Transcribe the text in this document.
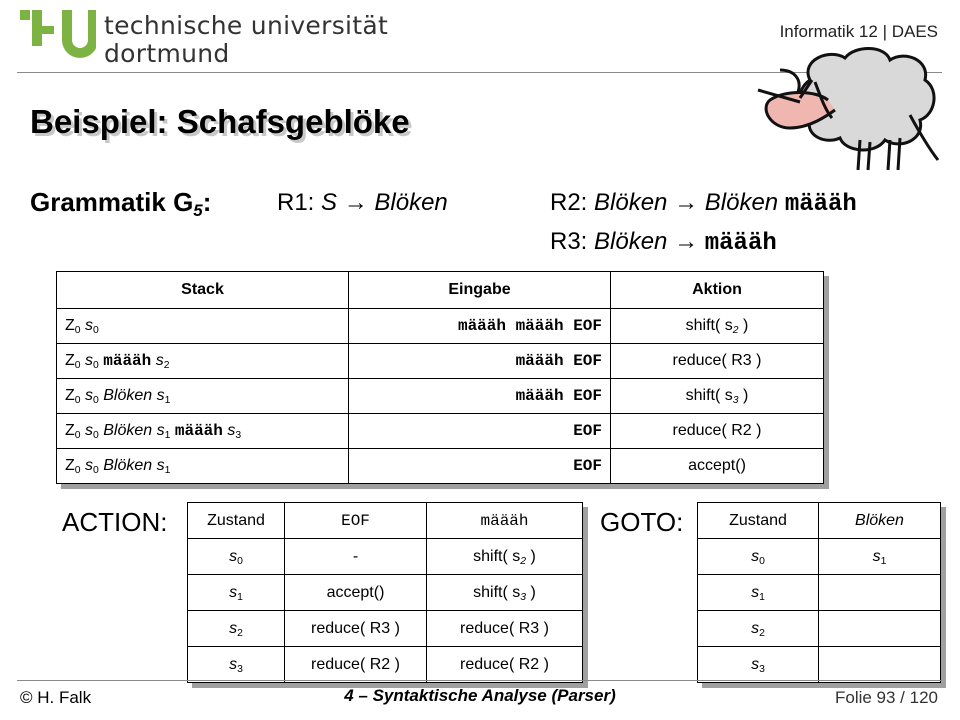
technische universität
dortmund
Informatik 12 | DAES
Beispiel: Schafsgeblöke
Grammatik $G_5$:	R1: S → Blöken	R2: Blöken → Blöken määäh
R3: Blöken → määäh
Stack	Eingabe	Aktion
$Z_0$ $s_0$	määäh määäh EOF	shift( $s_2$ )
$Z_0$ $s_0$ määäh $s_2$	määäh EOF	reduce( R3 )
$Z_0$ $s_0$ Blöken $s_1$	määäh EOF	shift( $s_3$ )
$Z_0$ $s_0$ Blöken $s_1$ määäh $s_3$	EOF	reduce( R2 )
$Z_0$ $s_0$ Blöken $s_1$	EOF	accept()
ACTION: Zustand	EOF	määäh
$s_0$	-	shift( $s_2$ )
$s_1$	accept()	shift( $s_3$ )
$s_2$	reduce( R3 )	reduce( R3 )
$s_3$	reduce( R2 )	reduce( R2 )
GOTO:	Zustand	Blöken
$s_0$	$s_1$
$s_1$	
$s_2$	
$s_3$	
© H. Falk	4 – Syntaktische Analyse (Parser)	Folie 93 / 120
